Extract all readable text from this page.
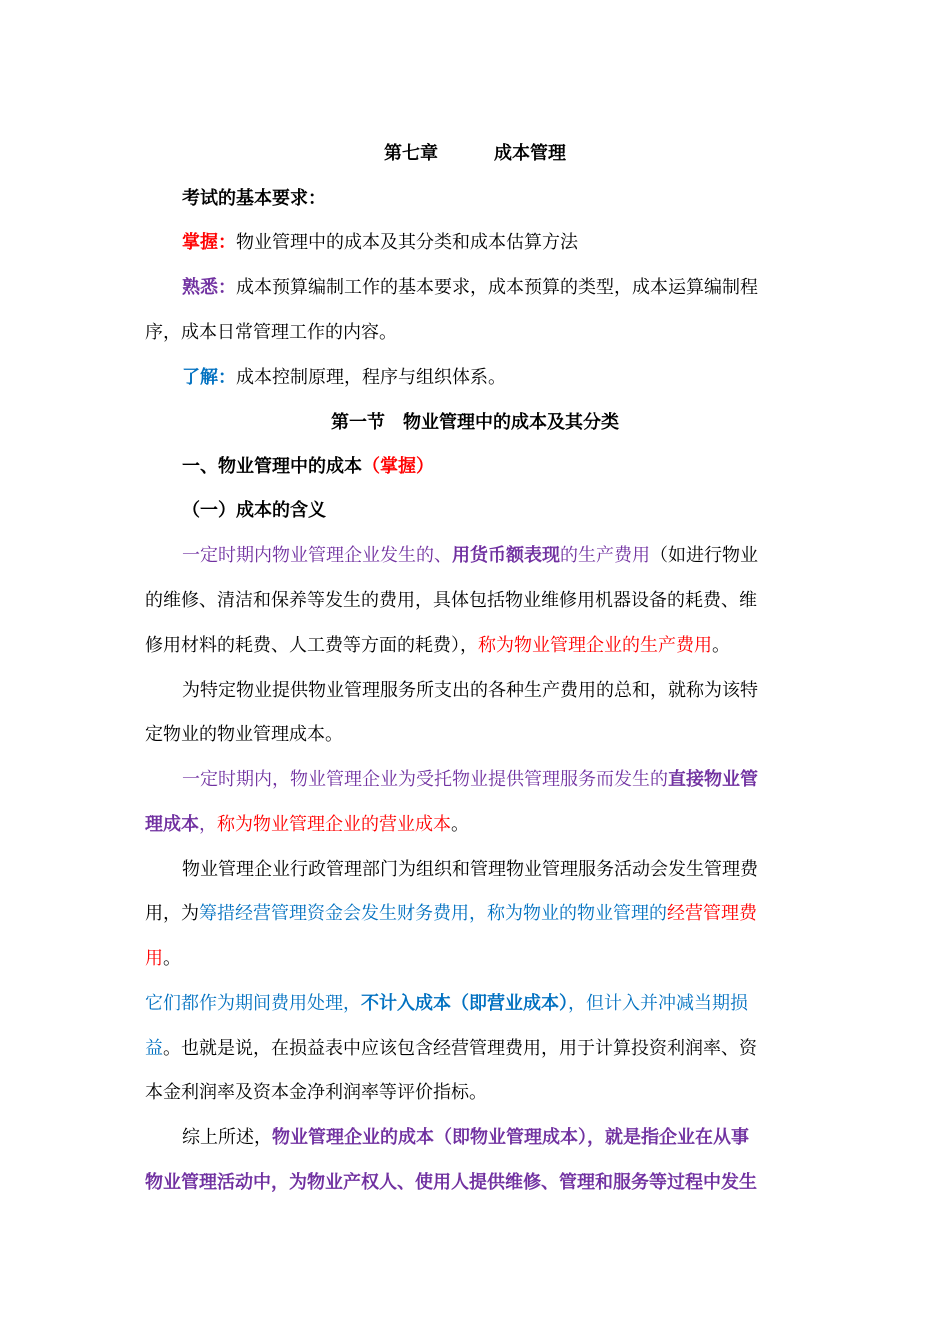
第七章	成本管理
考试的基本要求：
掌握：物业管理中的成本及其分类和成本估算方法
熟悉：成本预算编制工作的基本要求，成本预算的类型，成本运算编制程
序，成本日常管理工作的内容。
了解：成本控制原理，程序与组织体系。
第一节 物业管理中的成本及其分类
一、物业管理中的成本（掌握）
（一）成本的含义
一定时期内物业管理企业发生的、用货币额表现的生产费用（如进行物业
的维修、清洁和保养等发生的费用，具体包括物业维修用机器设备的耗费、维
修用材料的耗费、人工费等方面的耗费），称为物业管理企业的生产费用。
为特定物业提供物业管理服务所支出的各种生产费用的总和，就称为该特
定物业的物业管理成本。
一定时期内，物业管理企业为受托物业提供管理服务而发生的直接物业管
理成本，称为物业管理企业的营业成本。
物业管理企业行政管理部门为组织和管理物业管理服务活动会发生管理费
用，为筹措经营管理资金会发生财务费用，称为物业的物业管理的经营管理费
用。
它们都作为期间费用处理，不计入成本（即营业成本），但计入并冲减当期损
益。也就是说，在损益表中应该包含经营管理费用，用于计算投资利润率、资
本金利润率及资本金净利润率等评价指标。
综上所述，物业管理企业的成本（即物业管理成本），就是指企业在从事
物业管理活动中，为物业产权人、使用人提供维修、管理和服务等过程中发生
